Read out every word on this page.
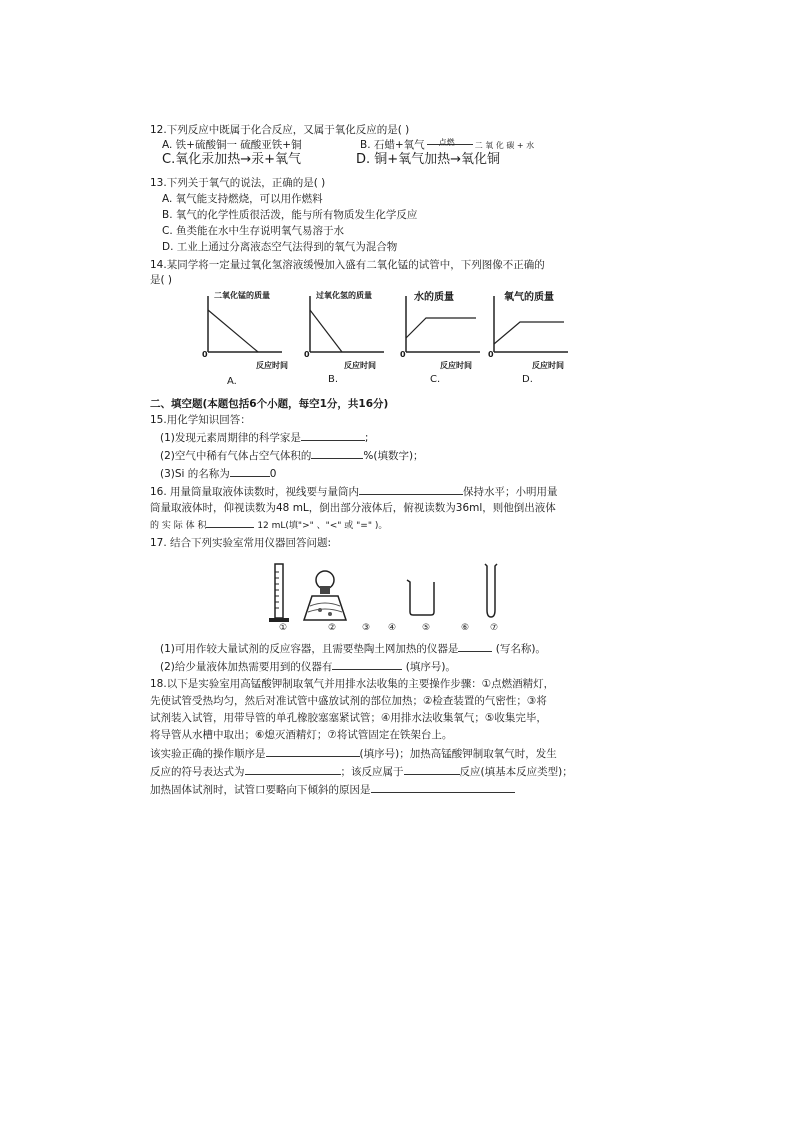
12.下列反应中既属于化合反应，又属于氧化反应的是( )
A. 铁+硫酸铜一 硫酸亚铁+铜	B. 石蜡+氧气 点燃	二 氧 化 碳 + 水
C.氧化汞加热→汞+氧气	D. 铜+氧气加热→氧化铜
13.下列关于氧气的说法，正确的是( )
A. 氧气能支持燃烧，可以用作燃料
B. 氧气的化学性质很活泼，能与所有物质发生化学反应
C. 鱼类能在水中生存说明氧气易溶于水
D. 工业上通过分离液态空气法得到的氧气为混合物
14.某同学将一定量过氧化氢溶液缓慢加入盛有二氧化锰的试管中，下列图像不正确的
是( )
二氧化锰的质量
反应时间
0
A.
过氧化氢的质量
反应时间
0
B.
水的质量
反应时间
0
C.
氧气的质量
反应时间
0
D.
二、填空题(本题包括6个小题，每空1分，共16分)
15.用化学知识回答：
(1)发现元素周期律的科学家是	;
(2)空气中稀有气体占空气体积的	%(填数字)；
(3)Si 的名称为	0
16. 用量筒量取液体读数时，视线要与量筒内	保持水平；小明用量
筒量取液体时，仰视读数为48 mL，倒出部分液体后，俯视读数为36ml，则他倒出液体
的 实 际 体 积	12 mL(填">" 、"<" 或 "=" )。
17. 结合下列实验室常用仪器回答问题:
①	②	③ ④	⑤	⑥ ⑦
(1)可用作较大量试剂的反应容器，且需要垫陶土网加热的仪器是	(写名称)。
(2)给少量液体加热需要用到的仪器有	(填序号)。
18.以下是实验室用高锰酸钾制取氧气并用排水法收集的主要操作步骤：①点燃酒精灯，
先使试管受热均匀，然后对准试管中盛放试剂的部位加热；②检查装置的气密性；③将
试剂装入试管，用带导管的单孔橡胶塞塞紧试管；④用排水法收集氧气；⑤收集完毕，
将导管从水槽中取出；⑥熄灭酒精灯；⑦将试管固定在铁架台上。
该实验正确的操作顺序是	(填序号)；加热高锰酸钾制取氧气时，发生
反应的符号表达式为	；该反应属于	反应(填基本反应类型)；
加热固体试剂时，试管口要略向下倾斜的原因是
